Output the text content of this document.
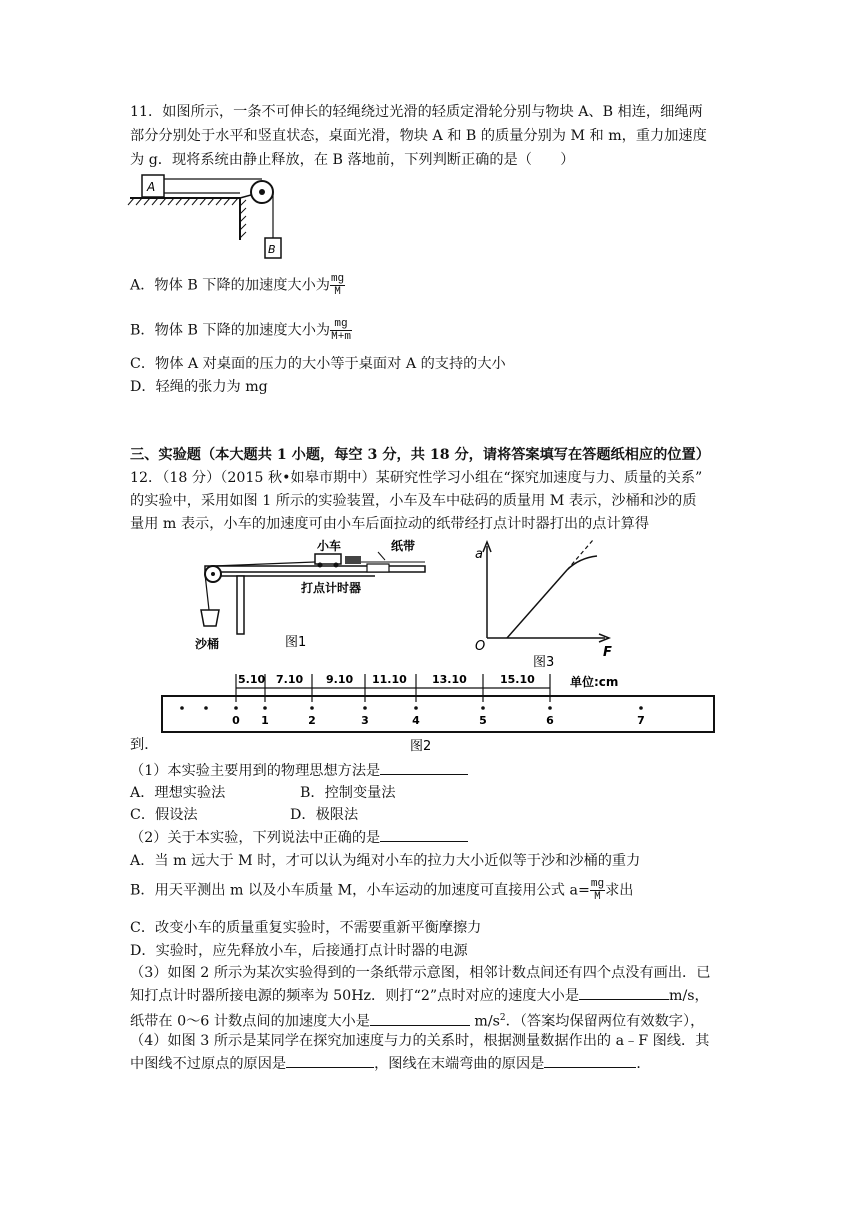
11．如图所示，一条不可伸长的轻绳绕过光滑的轻质定滑轮分别与物块 A、B 相连，细绳两
部分分别处于水平和竖直状态，桌面光滑，物块 A 和 B 的质量分别为 M 和 m，重力加速度
为 g．现将系统由静止释放，在 B 落地前，下列判断正确的是（　　）
A
B
A．物体 B 下降的加速度大小为 $\frac{mg}{M}$
B．物体 B 下降的加速度大小为 $\frac{mg}{M+m}$
C．物体 A 对桌面的压力的大小等于桌面对 A 的支持的大小
D．轻绳的张力为 mg
三、实验题（本大题共 1 小题，每空 3 分，共 18 分，请将答案填写在答题纸相应的位置）
12．（18 分）（2015 秋•如皋市期中）某研究性学习小组在“探究加速度与力、质量的关系”
的实验中，采用如图 1 所示的实验装置，小车及车中砝码的质量用 M 表示，沙桶和沙的质
量用 m 表示，小车的加速度可由小车后面拉动的纸带经打点计时器打出的点计算得
小车	纸带
打点计时器
沙桶	图1
a
F
O
图3
5.10 7.10 9.10 11.10 13.10	15.10	单位:cm
0 1	2	3	4	5	6	7
图2
到．
（1）本实验主要用到的物理思想方法是
A．理想实验法	B．控制变量法
C．假设法	D．极限法
（2）关于本实验，下列说法中正确的是
A．当 m 远大于 M 时，才可以认为绳对小车的拉力大小近似等于沙和沙桶的重力
B．用天平测出 m 以及小车质量 M，小车运动的加速度可直接用公式 $a= \frac{mg}{M}$ 求出
C．改变小车的质量重复实验时，不需要重新平衡摩擦力
D．实验时，应先释放小车，后接通打点计时器的电源
（3）如图 2 所示为某次实验得到的一条纸带示意图，相邻计数点间还有四个点没有画出．已
知打点计时器所接电源的频率为 50Hz．则打“2”点时对应的速度大小是	m/s，
纸带在 0～6 计数点间的加速度大小是	$m/s^2$．（答案均保留两位有效数字），
（4）如图 3 所示是某同学在探究加速度与力的关系时，根据测量数据作出的 a﹣F 图线．其
中图线不过原点的原因是	，图线在末端弯曲的原因是	．
